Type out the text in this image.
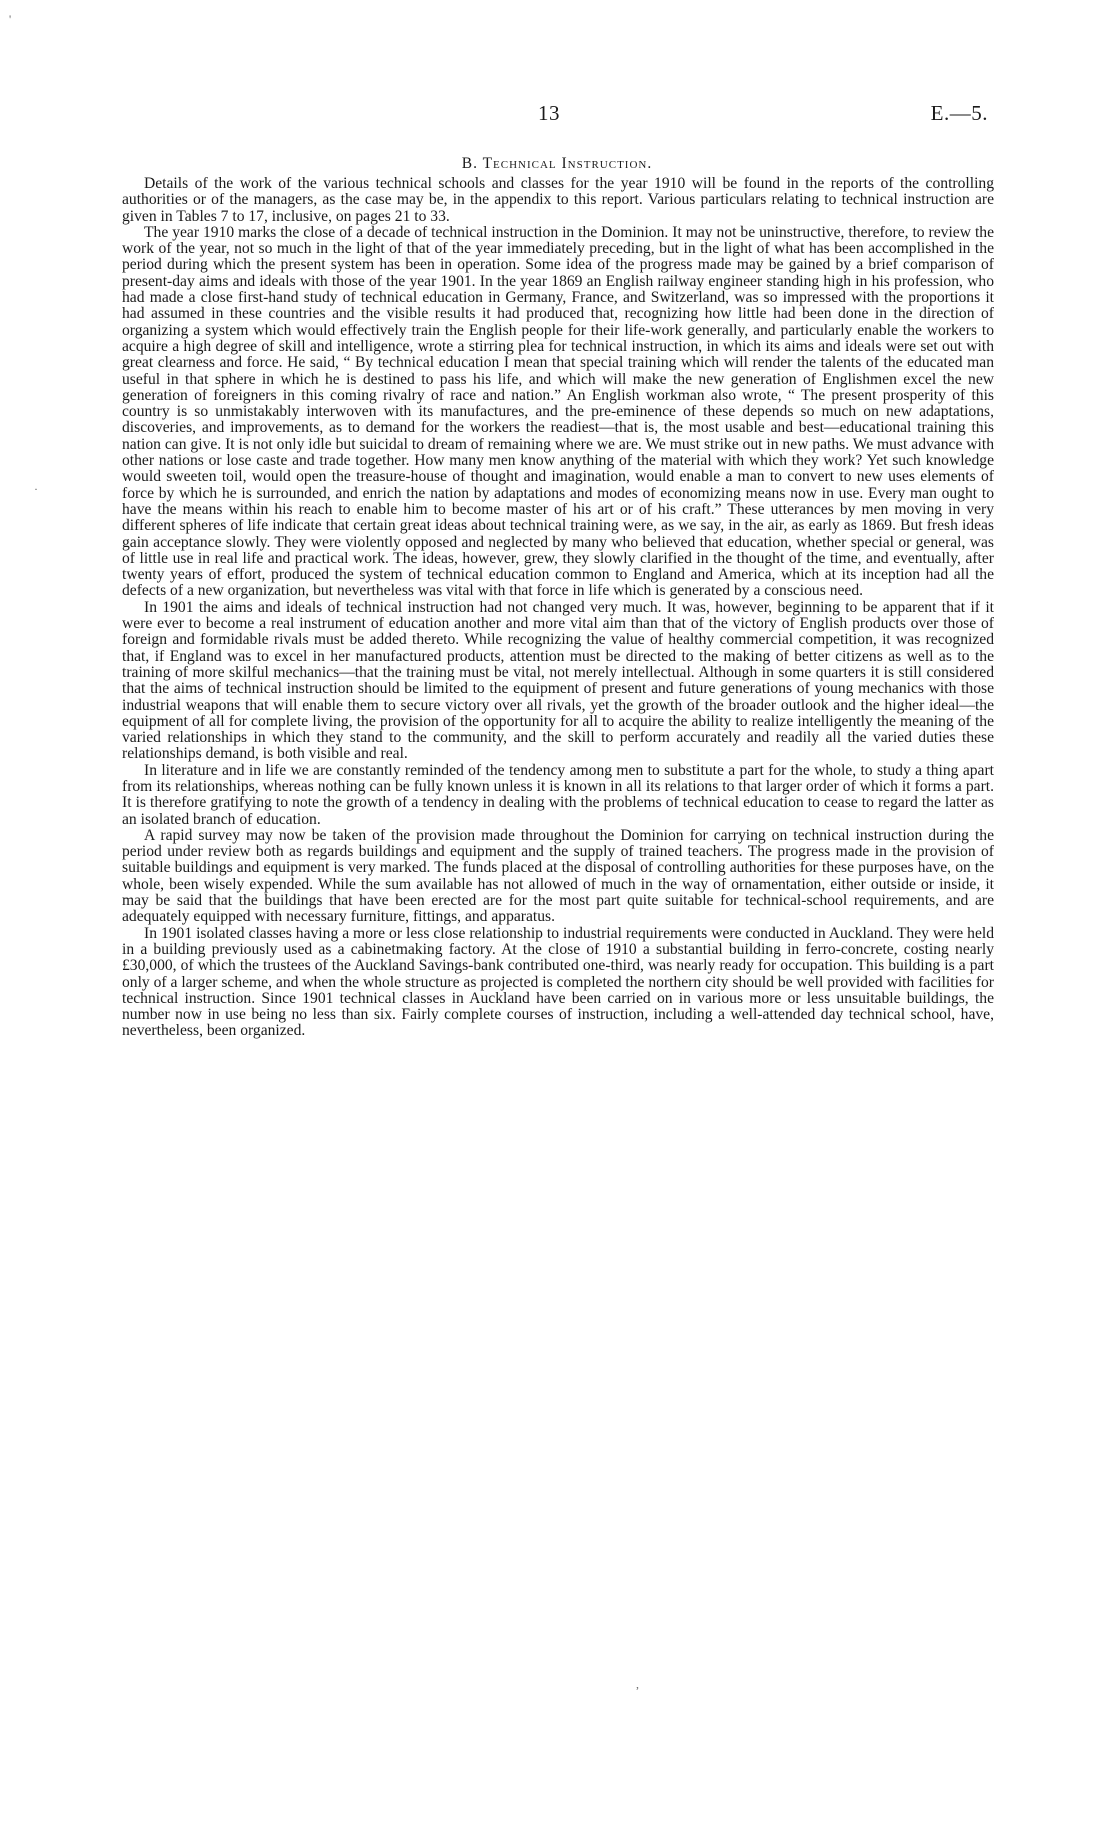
13	E.—5.
B. Technical Instruction.

Details of the work of the various technical schools and classes for the year 1910 will be found in the reports of the controlling authorities or of the managers, as the case may be, in the appendix to this report. Various particulars relating to technical instruction are given in Tables 7 to 17, inclusive, on pages 21 to 33.

The year 1910 marks the close of a decade of technical instruction in the Dominion. It may not be uninstructive, therefore, to review the work of the year, not so much in the light of that of the year immediately preceding, but in the light of what has been accomplished in the period during which the present system has been in operation. Some idea of the progress made may be gained by a brief comparison of present-day aims and ideals with those of the year 1901. In the year 1869 an English railway engineer standing high in his profession, who had made a close first-hand study of technical education in Germany, France, and Switzerland, was so impressed with the proportions it had assumed in these countries and the visible results it had produced that, recognizing how little had been done in the direction of organizing a system which would effectively train the English people for their life-work generally, and particularly enable the workers to acquire a high degree of skill and intelligence, wrote a stirring plea for technical instruction, in which its aims and ideals were set out with great clearness and force. He said, “ By technical education I mean that special training which will render the talents of the educated man useful in that sphere in which he is destined to pass his life, and which will make the new generation of Englishmen excel the new generation of foreigners in this coming rivalry of race and nation.” An English workman also wrote, “ The present prosperity of this country is so unmistakably interwoven with its manufactures, and the pre-eminence of these depends so much on new adaptations, discoveries, and improvements, as to demand for the workers the readiest—that is, the most usable and best—educational training this nation can give. It is not only idle but suicidal to dream of remaining where we are. We must strike out in new paths. We must advance with other nations or lose caste and trade together. How many men know anything of the material with which they work? Yet such knowledge would sweeten toil, would open the treasure-house of thought and imagination, would enable a man to convert to new uses elements of force by which he is surrounded, and enrich the nation by adaptations and modes of economizing means now in use. Every man ought to have the means within his reach to enable him to become master of his art or of his craft.” These utterances by men moving in very different spheres of life indicate that certain great ideas about technical training were, as we say, in the air, as early as 1869. But fresh ideas gain acceptance slowly. They were violently opposed and neglected by many who believed that education, whether special or general, was of little use in real life and practical work. The ideas, however, grew, they slowly clarified in the thought of the time, and eventually, after twenty years of effort, produced the system of technical education common to England and America, which at its inception had all the defects of a new organization, but nevertheless was vital with that force in life which is generated by a conscious need.

In 1901 the aims and ideals of technical instruction had not changed very much. It was, however, beginning to be apparent that if it were ever to become a real instrument of education another and more vital aim than that of the victory of English products over those of foreign and formidable rivals must be added thereto. While recognizing the value of healthy commercial competition, it was recognized that, if England was to excel in her manufactured products, attention must be directed to the making of better citizens as well as to the training of more skilful mechanics—that the training must be vital, not merely intellectual. Although in some quarters it is still considered that the aims of technical instruction should be limited to the equipment of present and future generations of young mechanics with those industrial weapons that will enable them to secure victory over all rivals, yet the growth of the broader outlook and the higher ideal—the equipment of all for complete living, the provision of the opportunity for all to acquire the ability to realize intelligently the meaning of the varied relationships in which they stand to the community, and the skill to perform accurately and readily all the varied duties these relationships demand, is both visible and real.

In literature and in life we are constantly reminded of the tendency among men to substitute a part for the whole, to study a thing apart from its relationships, whereas nothing can be fully known unless it is known in all its relations to that larger order of which it forms a part. It is therefore gratifying to note the growth of a tendency in dealing with the problems of technical education to cease to regard the latter as an isolated branch of education.

A rapid survey may now be taken of the provision made throughout the Dominion for carrying on technical instruction during the period under review both as regards buildings and equipment and the supply of trained teachers. The progress made in the provision of suitable buildings and equipment is very marked. The funds placed at the disposal of controlling authorities for these purposes have, on the whole, been wisely expended. While the sum available has not allowed of much in the way of ornamentation, either outside or inside, it may be said that the buildings that have been erected are for the most part quite suitable for technical-school requirements, and are adequately equipped with necessary furniture, fittings, and apparatus.

In 1901 isolated classes having a more or less close relationship to industrial requirements were conducted in Auckland. They were held in a building previously used as a cabinetmaking factory. At the close of 1910 a substantial building in ferro-concrete, costing nearly £30,000, of which the trustees of the Auckland Savings-bank contributed one-third, was nearly ready for occupation. This building is a part only of a larger scheme, and when the whole structure as projected is completed the northern city should be well provided with facilities for technical instruction. Since 1901 technical classes in Auckland have been carried on in various more or less unsuitable buildings, the number now in use being no less than six. Fairly complete courses of instruction, including a well-attended day technical school, have, nevertheless, been organized.

'
·
,
